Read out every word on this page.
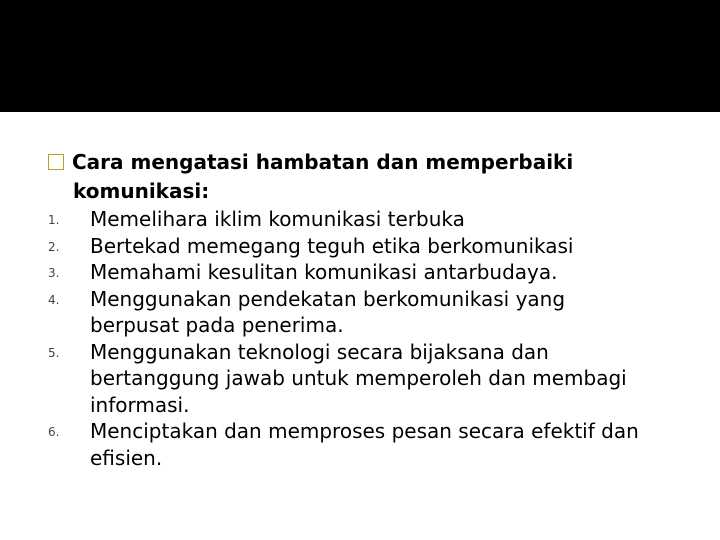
Cara mengatasi hambatan dan memperbaiki
komunikasi:
1. Memelihara iklim komunikasi terbuka
2. Bertekad memegang teguh etika berkomunikasi
3. Memahami kesulitan komunikasi antarbudaya.
4. Menggunakan pendekatan berkomunikasi yang berpusat pada penerima.
5. Menggunakan teknologi secara bijaksana dan bertanggung jawab untuk memperoleh dan membagi informasi.
6. Menciptakan dan memproses pesan secara efektif dan efisien.
